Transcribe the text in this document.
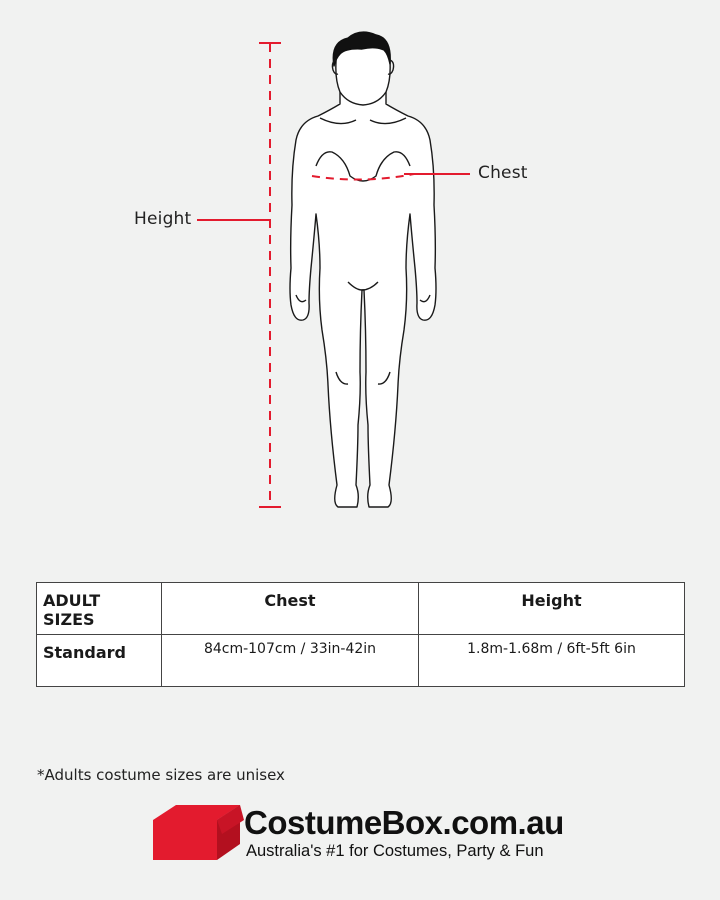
Height
Chest
ADULT SIZES	Chest	Height
Standard	84cm-107cm / 33in-42in	1.8m-1.68m / 6ft-5ft 6in
*Adults costume sizes are unisex
CostumeBox.com.au
Australia's #1 for Costumes, Party & Fun
